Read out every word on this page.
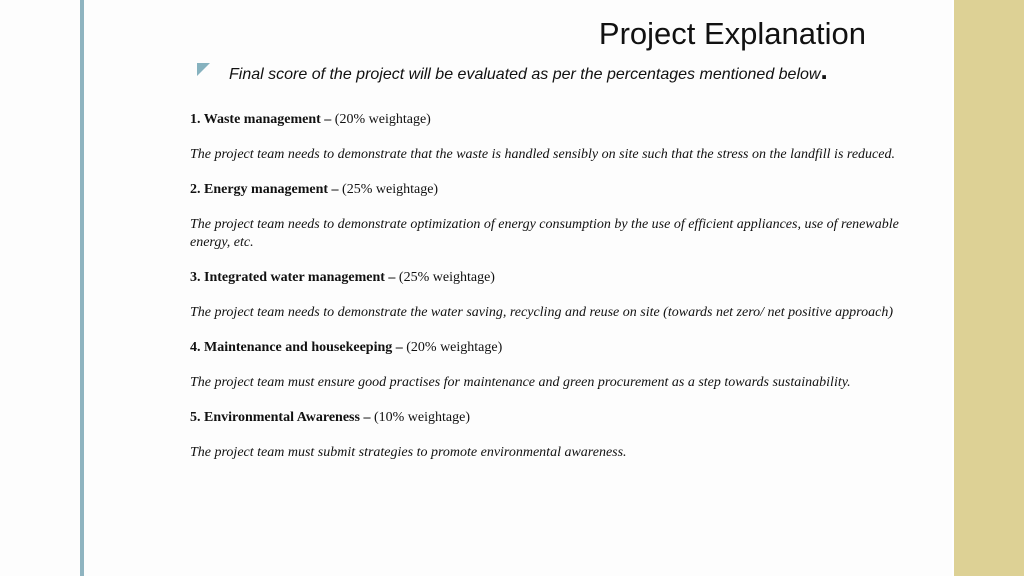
Project Explanation
Final score of the project will be evaluated as per the percentages mentioned below.

1. Waste management – (20% weightage)

The project team needs to demonstrate that the waste is handled sensibly on site such that the stress on the landfill is reduced.

2. Energy management – (25% weightage)

The project team needs to demonstrate optimization of energy consumption by the use of efficient appliances, use of renewable energy, etc.

3. Integrated water management – (25% weightage)

The project team needs to demonstrate the water saving, recycling and reuse on site (towards net zero/ net positive approach)

4. Maintenance and housekeeping – (20% weightage)

The project team must ensure good practises for maintenance and green procurement as a step towards sustainability.

5. Environmental Awareness – (10% weightage)

The project team must submit strategies to promote environmental awareness.
